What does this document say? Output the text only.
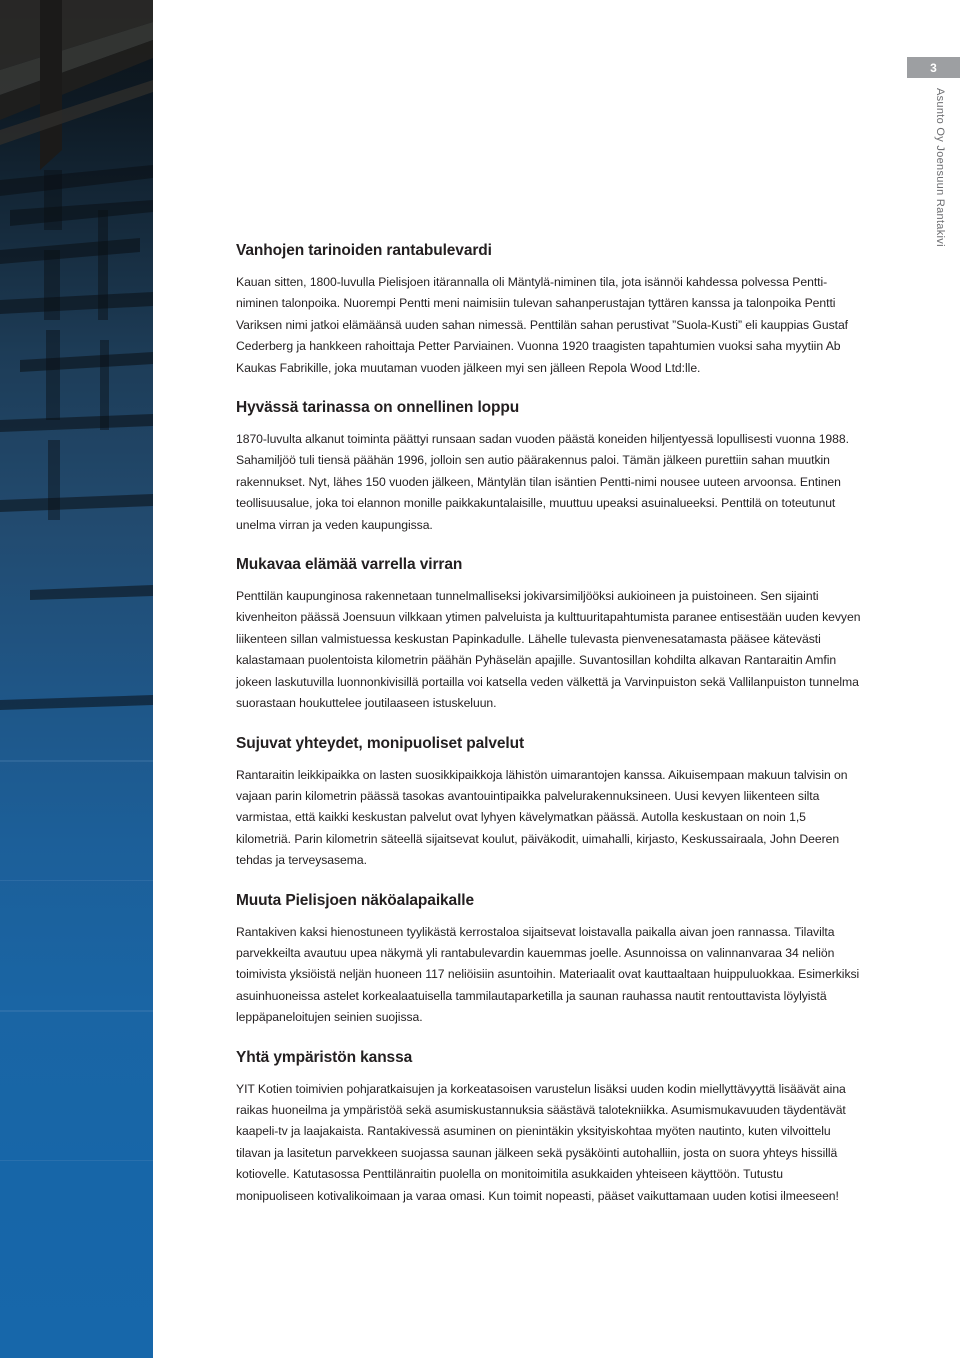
3
Asunto Oy Joensuun Rantakivi
Vanhojen tarinoiden rantabulevardi

Kauan sitten, 1800-luvulla Pielisjoen itärannalla oli Mäntylä-niminen tila, jota isännöi kahdessa polvessa Pentti-niminen talonpoika. Nuorempi Pentti meni naimisiin tulevan sahanperustajan tyttären kanssa ja talonpoika Pentti Variksen nimi jatkoi elämäänsä uuden sahan nimessä. Penttilän sahan perustivat ”Suola-Kusti” eli kauppias Gustaf Cederberg ja hankkeen rahoittaja Petter Parviainen. Vuonna 1920 traagisten tapahtumien vuoksi saha myytiin Ab Kaukas Fabrikille, joka muutaman vuoden jälkeen myi sen jälleen Repola Wood Ltd:lle.

Hyvässä tarinassa on onnellinen loppu

1870-luvulta alkanut toiminta päättyi runsaan sadan vuoden päästä koneiden hiljentyessä lopullisesti vuonna 1988. Sahamiljöö tuli tiensä päähän 1996, jolloin sen autio päärakennus paloi. Tämän jälkeen purettiin sahan muutkin rakennukset. Nyt, lähes 150 vuoden jälkeen, Mäntylän tilan isäntien Pentti-nimi nousee uuteen arvoonsa. Entinen teollisuusalue, joka toi elannon monille paikkakuntalaisille, muuttuu upeaksi asuinalueeksi. Penttilä on toteutunut unelma virran ja veden kaupungissa.

Mukavaa elämää varrella virran

Penttilän kaupunginosa rakennetaan tunnelmalliseksi jokivarsimiljööksi aukioineen ja puistoineen. Sen sijainti kivenheiton päässä Joensuun vilkkaan ytimen palveluista ja kulttuuritapahtumista paranee entisestään uuden kevyen liikenteen sillan valmistuessa keskustan Papinkadulle. Lähelle tulevasta pienvenesatamasta pääsee kätevästi kalastamaan puolentoista kilometrin päähän Pyhäselän apajille. Suvantosillan kohdilta alkavan Rantaraitin Amfin jokeen laskutuvilla luonnonkivisillä portailla voi katsella veden välkettä ja Varvinpuiston sekä Vallilanpuiston tunnelma suorastaan houkuttelee joutilaaseen istuskeluun.

Sujuvat yhteydet, monipuoliset palvelut

Rantaraitin leikkipaikka on lasten suosikkipaikkoja lähistön uimarantojen kanssa. Aikuisempaan makuun talvisin on vajaan parin kilometrin päässä tasokas avantouintipaikka palvelurakennuksineen. Uusi kevyen liikenteen silta varmistaa, että kaikki keskustan palvelut ovat lyhyen kävelymatkan päässä. Autolla keskustaan on noin 1,5 kilometriä. Parin kilometrin säteellä sijaitsevat koulut, päiväkodit, uimahalli, kirjasto, Keskussairaala, John Deeren tehdas ja terveysasema.

Muuta Pielisjoen näköalapaikalle

Rantakiven kaksi hienostuneen tyylikästä kerrostaloa sijaitsevat loistavalla paikalla aivan joen rannassa. Tilavilta parvekkeilta avautuu upea näkymä yli rantabulevardin kauemmas joelle. Asunnoissa on valinnanvaraa 34 neliön toimivista yksiöistä neljän huoneen 117 neliöisiin asuntoihin. Materiaalit ovat kauttaaltaan huippuluokkaa. Esimerkiksi asuinhuoneissa astelet korkealaatuisella tammilautaparketilla ja saunan rauhassa nautit rentouttavista löylyistä leppäpaneloitujen seinien suojissa.

Yhtä ympäristön kanssa

YIT Kotien toimivien pohjaratkaisujen ja korkeatasoisen varustelun lisäksi uuden kodin miellyttävyyttä lisäävät aina raikas huoneilma ja ympäristöä sekä asumiskustannuksia säästävä talotekniikka. Asumismukavuuden täydentävät kaapeli-tv ja laajakaista. Rantakivessä asuminen on pienintäkin yksityiskohtaa myöten nautinto, kuten vilvoittelu tilavan ja lasitetun parvekkeen suojassa saunan jälkeen sekä pysäköinti autohalliin, josta on suora yhteys hissillä kotiovelle. Katutasossa Penttilänraitin puolella on monitoimitila asukkaiden yhteiseen käyttöön. Tutustu monipuoliseen kotivalikoimaan ja varaa omasi. Kun toimit nopeasti, pääset vaikuttamaan uuden kotisi ilmeeseen!
